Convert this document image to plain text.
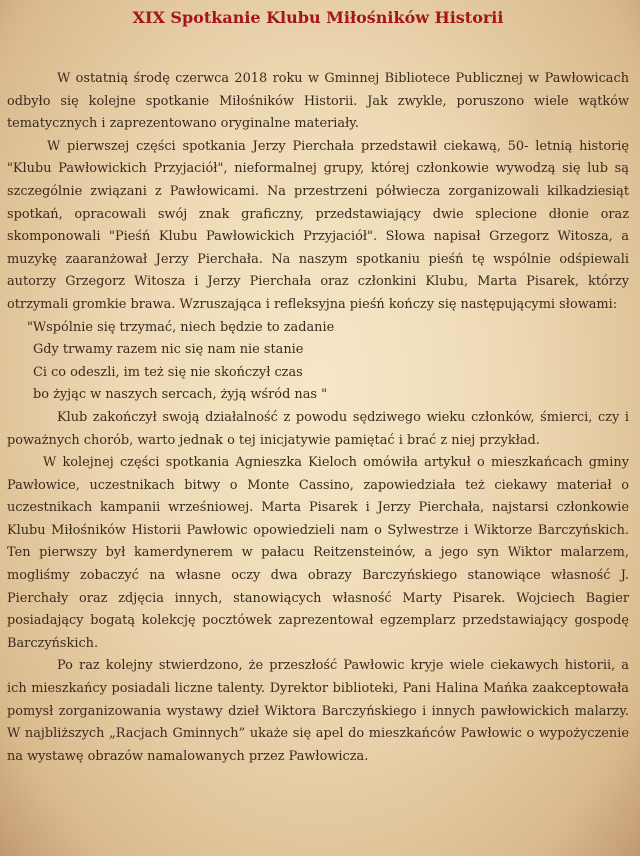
XIX Spotkanie Klubu Miłośników Historii

W ostatnią środę czerwca 2018 roku w Gminnej Bibliotece Publicznej w Pawłowicach odbyło się kolejne spotkanie Miłośników Historii. Jak zwykle, poruszono wiele wątków tematycznych i zaprezentowano oryginalne materiały.

W pierwszej części spotkania Jerzy Pierchała przedstawił ciekawą, 50- letnią historię "Klubu Pawłowickich Przyjaciół", nieformalnej grupy, której członkowie wywodzą się lub są szczególnie związani z Pawłowicami. Na przestrzeni półwiecza zorganizowali kilkadziesiąt spotkań, opracowali swój znak graficzny, przedstawiający dwie splecione dłonie oraz skomponowali "Pieśń Klubu Pawłowickich Przyjaciół". Słowa napisał Grzegorz Witosza, a muzykę zaaranżował Jerzy Pierchała. Na naszym spotkaniu pieśń tę wspólnie odśpiewali autorzy Grzegorz Witosza i Jerzy Pierchała oraz członkini Klubu, Marta Pisarek, którzy otrzymali gromkie brawa. Wzruszająca i refleksyjna pieśń kończy się następującymi słowami:

"Wspólnie się trzymać, niech będzie to zadanie
Gdy trwamy razem nic się nam nie stanie
Ci co odeszli, im też się nie skończył czas
bo żyjąc w naszych sercach, żyją wśród nas "

Klub zakończył swoją działalność z powodu sędziwego wieku członków, śmierci, czy i poważnych chorób, warto jednak o tej inicjatywie pamiętać i brać z niej przykład.

W kolejnej części spotkania Agnieszka Kieloch omówiła artykuł o mieszkańcach gminy Pawłowice, uczestnikach bitwy o Monte Cassino, zapowiedziała też ciekawy materiał o uczestnikach kampanii wrześniowej. Marta Pisarek i Jerzy Pierchała, najstarsi członkowie Klubu Miłośników Historii Pawłowic opowiedzieli nam o Sylwestrze i Wiktorze Barczyńskich. Ten pierwszy był kamerdynerem w pałacu Reitzensteinów, a jego syn Wiktor malarzem, mogliśmy zobaczyć na własne oczy dwa obrazy Barczyńskiego stanowiące własność J. Pierchały oraz zdjęcia innych, stanowiących własność Marty Pisarek. Wojciech Bagier posiadający bogatą kolekcję pocztówek zaprezentował egzemplarz przedstawiający gospodę Barczyńskich.

Po raz kolejny stwierdzono, że przeszłość Pawłowic kryje wiele ciekawych historii, a ich mieszkańcy posiadali liczne talenty. Dyrektor biblioteki, Pani Halina Mańka zaakceptowała pomysł zorganizowania wystawy dzieł Wiktora Barczyńskiego i innych pawłowickich malarzy. W najbliższych „Racjach Gminnych” ukaże się apel do mieszkańców Pawłowic o wypożyczenie na wystawę obrazów namalowanych przez Pawłowicza.
